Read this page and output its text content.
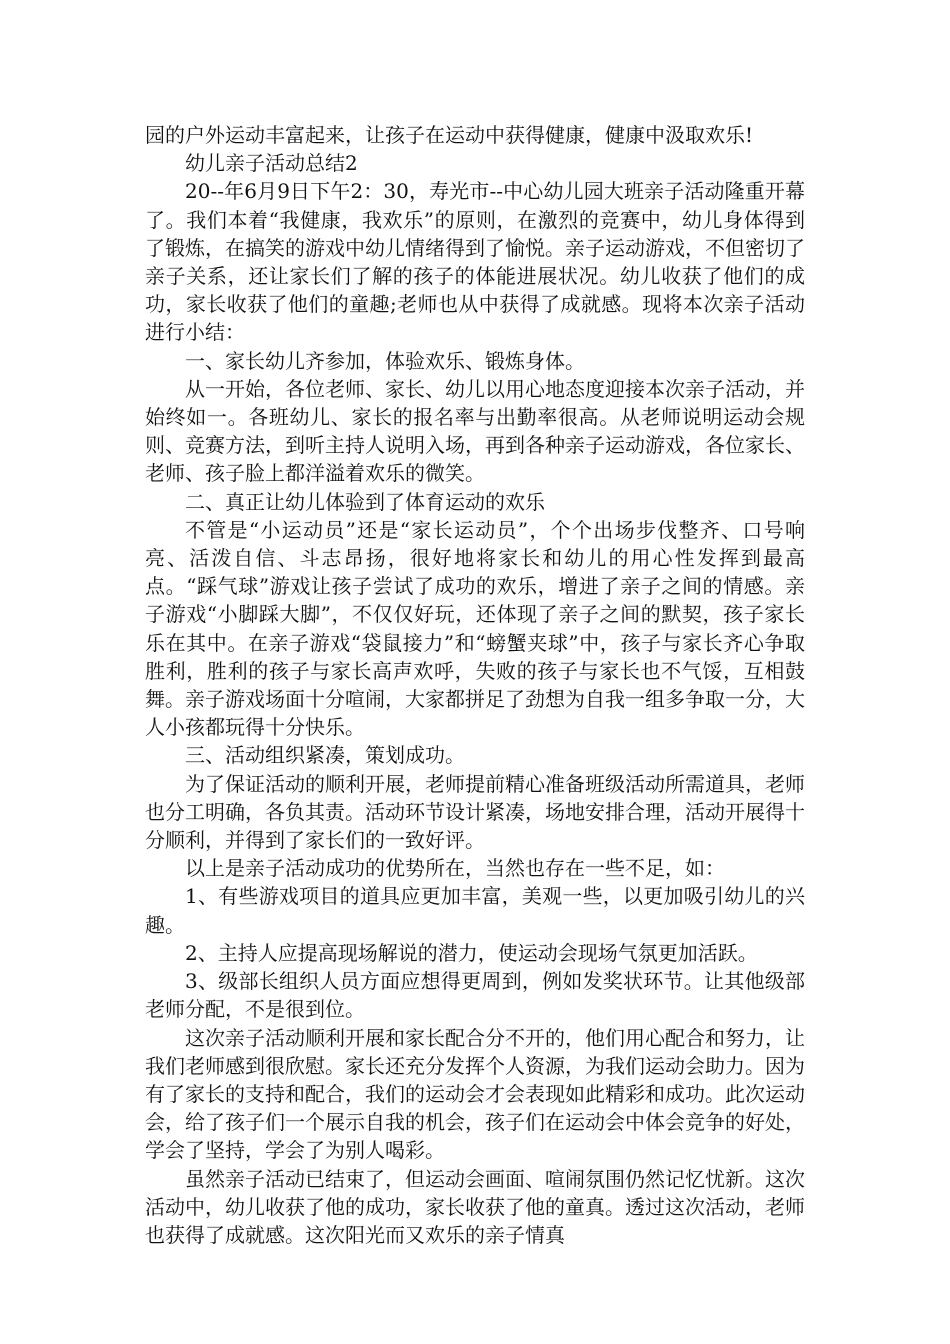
园的户外运动丰富起来，让孩子在运动中获得健康，健康中汲取欢乐!

幼儿亲子活动总结2

20--年6月9日下午2：30，寿光市--中心幼儿园大班亲子活动隆重开幕了。我们本着“我健康，我欢乐”的原则，在激烈的竞赛中，幼儿身体得到了锻炼，在搞笑的游戏中幼儿情绪得到了愉悦。亲子运动游戏，不但密切了亲子关系，还让家长们了解的孩子的体能进展状况。幼儿收获了他们的成功，家长收获了他们的童趣;老师也从中获得了成就感。现将本次亲子活动进行小结：

一、家长幼儿齐参加，体验欢乐、锻炼身体。

从一开始，各位老师、家长、幼儿以用心地态度迎接本次亲子活动，并始终如一。各班幼儿、家长的报名率与出勤率很高。从老师说明运动会规则、竞赛方法，到听主持人说明入场，再到各种亲子运动游戏，各位家长、老师、孩子脸上都洋溢着欢乐的微笑。

二、真正让幼儿体验到了体育运动的欢乐

不管是“小运动员”还是“家长运动员”，个个出场步伐整齐、口号响亮、活泼自信、斗志昂扬，很好地将家长和幼儿的用心性发挥到最高点。“踩气球”游戏让孩子尝试了成功的欢乐，增进了亲子之间的情感。亲子游戏“小脚踩大脚”，不仅仅好玩，还体现了亲子之间的默契，孩子家长乐在其中。在亲子游戏“袋鼠接力”和“螃蟹夹球”中，孩子与家长齐心争取胜利，胜利的孩子与家长高声欢呼，失败的孩子与家长也不气馁，互相鼓舞。亲子游戏场面十分喧闹，大家都拼足了劲想为自我一组多争取一分，大人小孩都玩得十分快乐。

三、活动组织紧凑，策划成功。

为了保证活动的顺利开展，老师提前精心准备班级活动所需道具，老师也分工明确，各负其责。活动环节设计紧凑，场地安排合理，活动开展得十分顺利，并得到了家长们的一致好评。

以上是亲子活动成功的优势所在，当然也存在一些不足，如：

1、有些游戏项目的道具应更加丰富，美观一些，以更加吸引幼儿的兴趣。

2、主持人应提高现场解说的潜力，使运动会现场气氛更加活跃。

3、级部长组织人员方面应想得更周到，例如发奖状环节。让其他级部老师分配，不是很到位。

这次亲子活动顺利开展和家长配合分不开的，他们用心配合和努力，让我们老师感到很欣慰。家长还充分发挥个人资源，为我们运动会助力。因为有了家长的支持和配合，我们的运动会才会表现如此精彩和成功。此次运动会，给了孩子们一个展示自我的机会，孩子们在运动会中体会竞争的好处，学会了坚持，学会了为别人喝彩。

虽然亲子活动已结束了，但运动会画面、喧闹氛围仍然记忆忧新。这次活动中，幼儿收获了他的成功，家长收获了他的童真。透过这次活动，老师也获得了成就感。这次阳光而又欢乐的亲子情真
